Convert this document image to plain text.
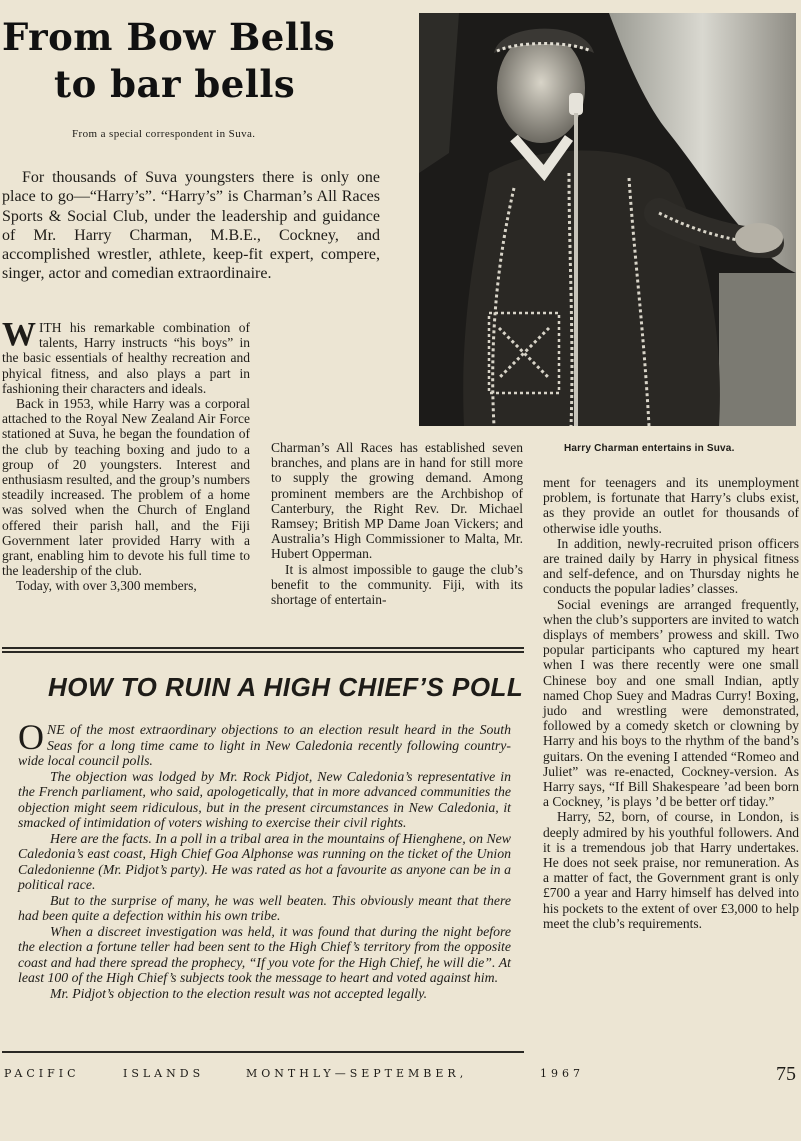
From Bow Bells
to bar bells
From a special correspondent in Suva.
For thousands of Suva youngsters there is only one place to go—“Harry’s”. “Harry’s” is Charman’s All Races Sports & Social Club, under the leadership and guidance of Mr. Harry Charman, M.B.E., Cockney, and accomplished wrestler, athlete, keep-fit expert, compere, singer, actor and comedian extraordinaire.

WITH his remarkable combination of talents, Harry instructs “his boys” in the basic essentials of healthy recreation and phyical fitness, and also plays a part in fashioning their characters and ideals.

Back in 1953, while Harry was a corporal attached to the Royal New Zealand Air Force stationed at Suva, he began the foundation of the club by teaching boxing and judo to a group of 20 youngsters. Interest and enthusiasm resulted, and the group’s numbers steadily increased. The problem of a home was solved when the Church of England offered their parish hall, and the Fiji Government later provided Harry with a grant, enabling him to devote his full time to the leadership of the club.

Today, with over 3,300 members,

Charman’s All Races has established seven branches, and plans are in hand for still more to supply the growing demand. Among prominent members are the Archbishop of Canterbury, the Right Rev. Dr. Michael Ramsey; British MP Dame Joan Vickers; and Australia’s High Commissioner to Malta, Mr. Hubert Opperman.

It is almost impossible to gauge the club’s benefit to the community. Fiji, with its shortage of entertain-

Harry Charman entertains in Suva.

ment for teenagers and its unemployment problem, is fortunate that Harry’s clubs exist, as they provide an outlet for thousands of otherwise idle youths.

In addition, newly-recruited prison officers are trained daily by Harry in physical fitness and self-defence, and on Thursday nights he conducts the popular ladies’ classes.

Social evenings are arranged frequently, when the club’s supporters are invited to watch displays of members’ prowess and skill. Two popular participants who captured my heart when I was there recently were one small Chinese boy and one small Indian, aptly named Chop Suey and Madras Curry! Boxing, judo and wrestling were demonstrated, followed by a comedy sketch or clowning by Harry and his boys to the rhythm of the band’s guitars. On the evening I attended “Romeo and Juliet” was re-enacted, Cockney-version. As Harry says, “If Bill Shakespeare ’ad been born a Cockney, ’is plays ’d be better orf tiday.”

Harry, 52, born, of course, in London, is deeply admired by his youthful followers. And it is a tremendous job that Harry undertakes. He does not seek praise, nor remuneration. As a matter of fact, the Government grant is only £700 a year and Harry himself has delved into his pockets to the extent of over £3,000 to help meet the club’s requirements.

HOW TO RUIN A HIGH CHIEF’S POLL

ONE of the most extraordinary objections to an election result heard in the South Seas for a long time came to light in New Caledonia recently following country-wide local council polls.

The objection was lodged by Mr. Rock Pidjot, New Caledonia’s representative in the French parliament, who said, apologetically, that in more advanced communities the objection might seem ridiculous, but in the present circumstances in New Caledonia, it smacked of intimidation of voters wishing to exercise their civil rights.

Here are the facts. In a poll in a tribal area in the mountains of Hienghene, on New Caledonia’s east coast, High Chief Goa Alphonse was running on the ticket of the Union Caledonienne (Mr. Pidjot’s party). He was rated as hot a favourite as anyone can be in a political race.

But to the surprise of many, he was well beaten. This obviously meant that there had been quite a defection within his own tribe.

When a discreet investigation was held, it was found that during the night before the election a fortune teller had been sent to the High Chief’s territory from the opposite coast and had there spread the prophecy, “If you vote for the High Chief, he will die”. At least 100 of the High Chief’s subjects took the message to heart and voted against him.

Mr. Pidjot’s objection to the election result was not accepted legally.

PACIFIC	ISLANDS	MONTHLY—SEPTEMBER,	1967	75
